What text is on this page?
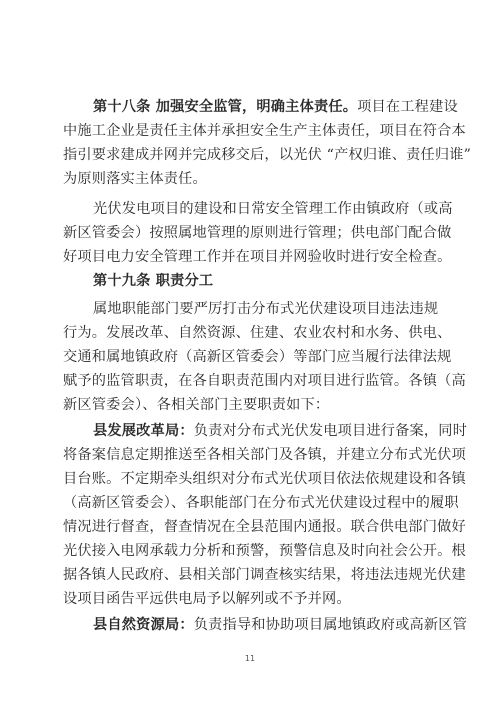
第十八条 加强安全监管，明确主体责任。项目在工程建设
中施工企业是责任主体并承担安全生产主体责任，项目在符合本
指引要求建成并网并完成移交后，以光伏 “产权归谁、责任归谁”
为原则落实主体责任。
光伏发电项目的建设和日常安全管理工作由镇政府（或高
新区管委会）按照属地管理的原则进行管理；供电部门配合做
好项目电力安全管理工作并在项目并网验收时进行安全检查。
第十九条 职责分工
属地职能部门要严厉打击分布式光伏建设项目违法违规
行为。发展改革、自然资源、住建、农业农村和水务、供电、
交通和属地镇政府（高新区管委会）等部门应当履行法律法规
赋予的监管职责，在各自职责范围内对项目进行监管。各镇（高
新区管委会）、各相关部门主要职责如下：
县发展改革局：负责对分布式光伏发电项目进行备案，同时
将备案信息定期推送至各相关部门及各镇，并建立分布式光伏项
目台账。不定期牵头组织对分布式光伏项目依法依规建设和各镇
（高新区管委会）、各职能部门在分布式光伏建设过程中的履职
情况进行督查，督查情况在全县范围内通报。联合供电部门做好
光伏接入电网承载力分析和预警，预警信息及时向社会公开。根
据各镇人民政府、县相关部门调查核实结果，将违法违规光伏建
设项目函告平远供电局予以解列或不予并网。
县自然资源局：负责指导和协助项目属地镇政府或高新区管
11
